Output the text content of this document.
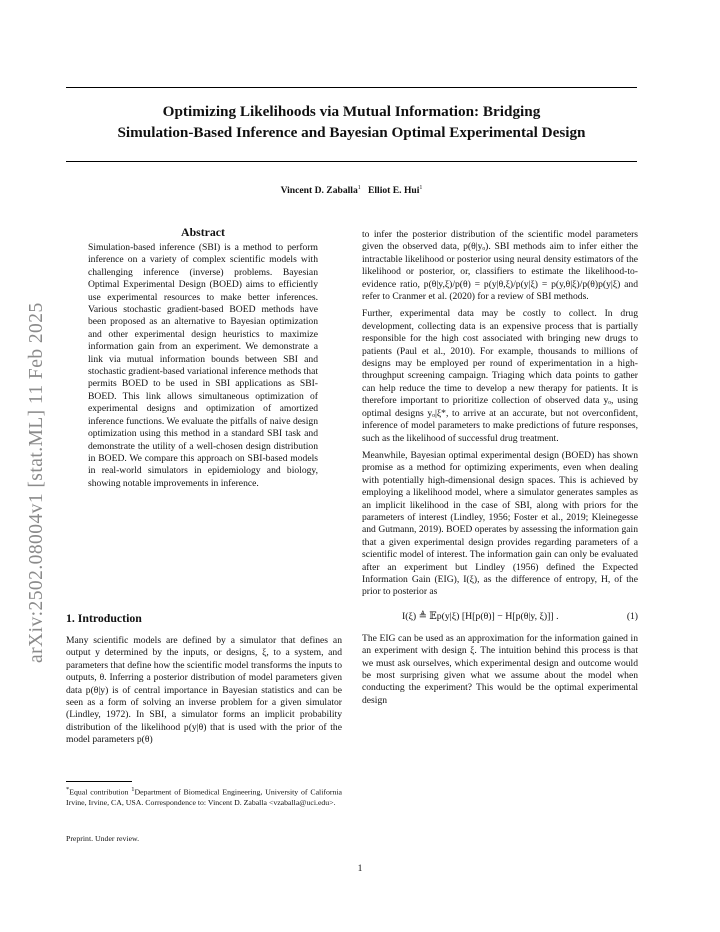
Optimizing Likelihoods via Mutual Information: Bridging
Simulation-Based Inference and Bayesian Optimal Experimental Design
Vincent D. Zaballa$^1$ Elliot E. Hui$^1$
arXiv:2502.08004v1 [stat.ML] 11 Feb 2025
Abstract
Simulation-based inference (SBI) is a method to perform inference on a variety of complex scientific models with challenging inference (inverse) problems. Bayesian Optimal Experimental Design (BOED) aims to efficiently use experimental resources to make better inferences. Various stochastic gradient-based BOED methods have been proposed as an alternative to Bayesian optimization and other experimental design heuristics to maximize information gain from an experiment. We demonstrate a link via mutual information bounds between SBI and stochastic gradient-based variational inference methods that permits BOED to be used in SBI applications as SBI-BOED. This link allows simultaneous optimization of experimental designs and optimization of amortized inference functions. We evaluate the pitfalls of naive design optimization using this method in a standard SBI task and demonstrate the utility of a well-chosen design distribution in BOED. We compare this approach on SBI-based models in real-world simulators in epidemiology and biology, showing notable improvements in inference.
1. Introduction
Many scientific models are defined by a simulator that defines an output y determined by the inputs, or designs, ξ, to a system, and parameters that define how the scientific model transforms the inputs to outputs, θ. Inferring a posterior distribution of model parameters given data p(θ|y) is of central importance in Bayesian statistics and can be seen as a form of solving an inverse problem for a given simulator (Lindley, 1972). In SBI, a simulator forms an implicit probability distribution of the likelihood p(y|θ) that is used with the prior of the model parameters p(θ)
*Equal contribution $^1$Department of Biomedical Engineering, University of California Irvine, Irvine, CA, USA. Correspondence to: Vincent D. Zaballa <vzaballa@uci.edu>.
Preprint. Under review.

to infer the posterior distribution of the scientific model parameters given the observed data, p(θ|yₒ). SBI methods aim to infer either the intractable likelihood or posterior using neural density estimators of the likelihood or posterior, or, classifiers to estimate the likelihood-to-evidence ratio, p(θ|y,ξ)/p(θ) = p(y|θ,ξ)/p(y|ξ) = p(y,θ|ξ)/p(θ)p(y|ξ) and refer to Cranmer et al. (2020) for a review of SBI methods.

Further, experimental data may be costly to collect. In drug development, collecting data is an expensive process that is partially responsible for the high cost associated with bringing new drugs to patients (Paul et al., 2010). For example, thousands to millions of designs may be employed per round of experimentation in a high-throughput screening campaign. Triaging which data points to gather can help reduce the time to develop a new therapy for patients. It is therefore important to prioritize collection of observed data yₒ, using optimal designs yₒ|ξ*, to arrive at an accurate, but not overconfident, inference of model parameters to make predictions of future responses, such as the likelihood of successful drug treatment.

Meanwhile, Bayesian optimal experimental design (BOED) has shown promise as a method for optimizing experiments, even when dealing with potentially high-dimensional design spaces. This is achieved by employing a likelihood model, where a simulator generates samples as an implicit likelihood in the case of SBI, along with priors for the parameters of interest (Lindley, 1956; Foster et al., 2019; Kleinegesse and Gutmann, 2019). BOED operates by assessing the information gain that a given experimental design provides regarding parameters of a scientific model of interest. The information gain can only be evaluated after an experiment but Lindley (1956) defined the Expected Information Gain (EIG), I(ξ), as the difference of entropy, H, of the prior to posterior as

I(ξ) ≜ 𝔼p(y|ξ) [H[p(θ)] − H[p(θ|y, ξ)]] .	(1)

The EIG can be used as an approximation for the information gained in an experiment with design ξ. The intuition behind this process is that we must ask ourselves, which experimental design and outcome would be most surprising given what we assume about the model when conducting the experiment? This would be the optimal experimental design

1
